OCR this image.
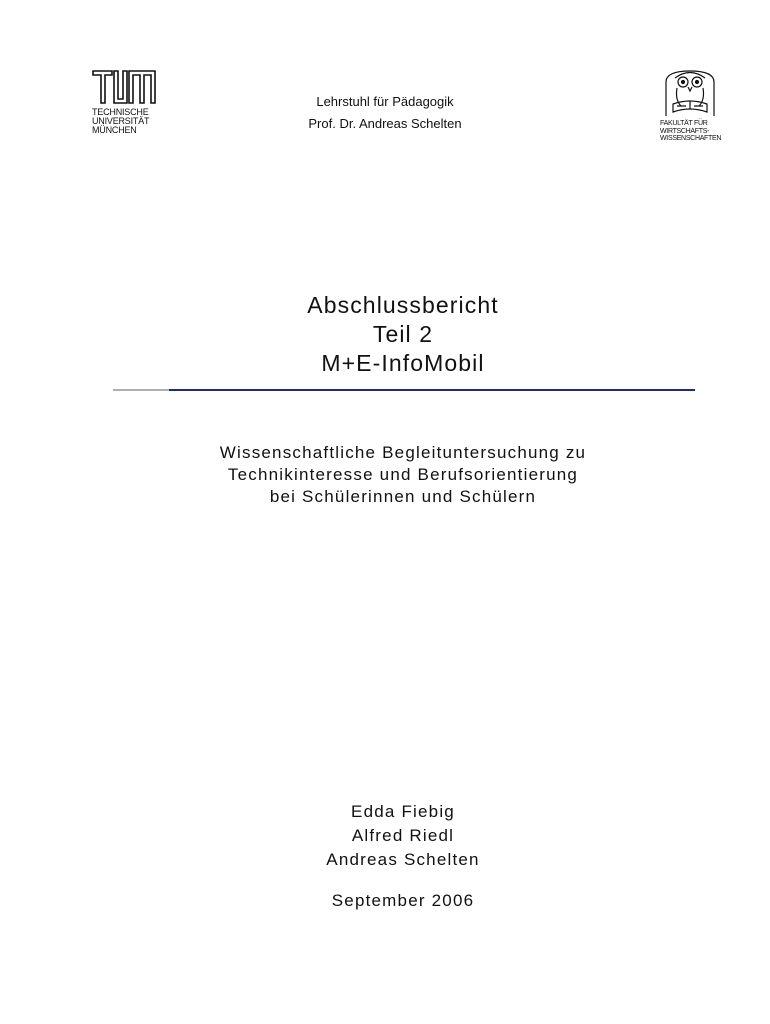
TECHNISCHE
UNIVERSITÄT
MÜNCHEN
Lehrstuhl für Pädagogik
Prof. Dr. Andreas Schelten	FAKULTÄT FÜR
WIRTSCHAFTS-
WISSENSCHAFTEN
Abschlussbericht
Teil 2
M+E-InfoMobil
Wissenschaftliche Begleituntersuchung zu
Technikinteresse und Berufsorientierung
bei Schülerinnen und Schülern
Edda Fiebig
Alfred Riedl
Andreas Schelten
September 2006
